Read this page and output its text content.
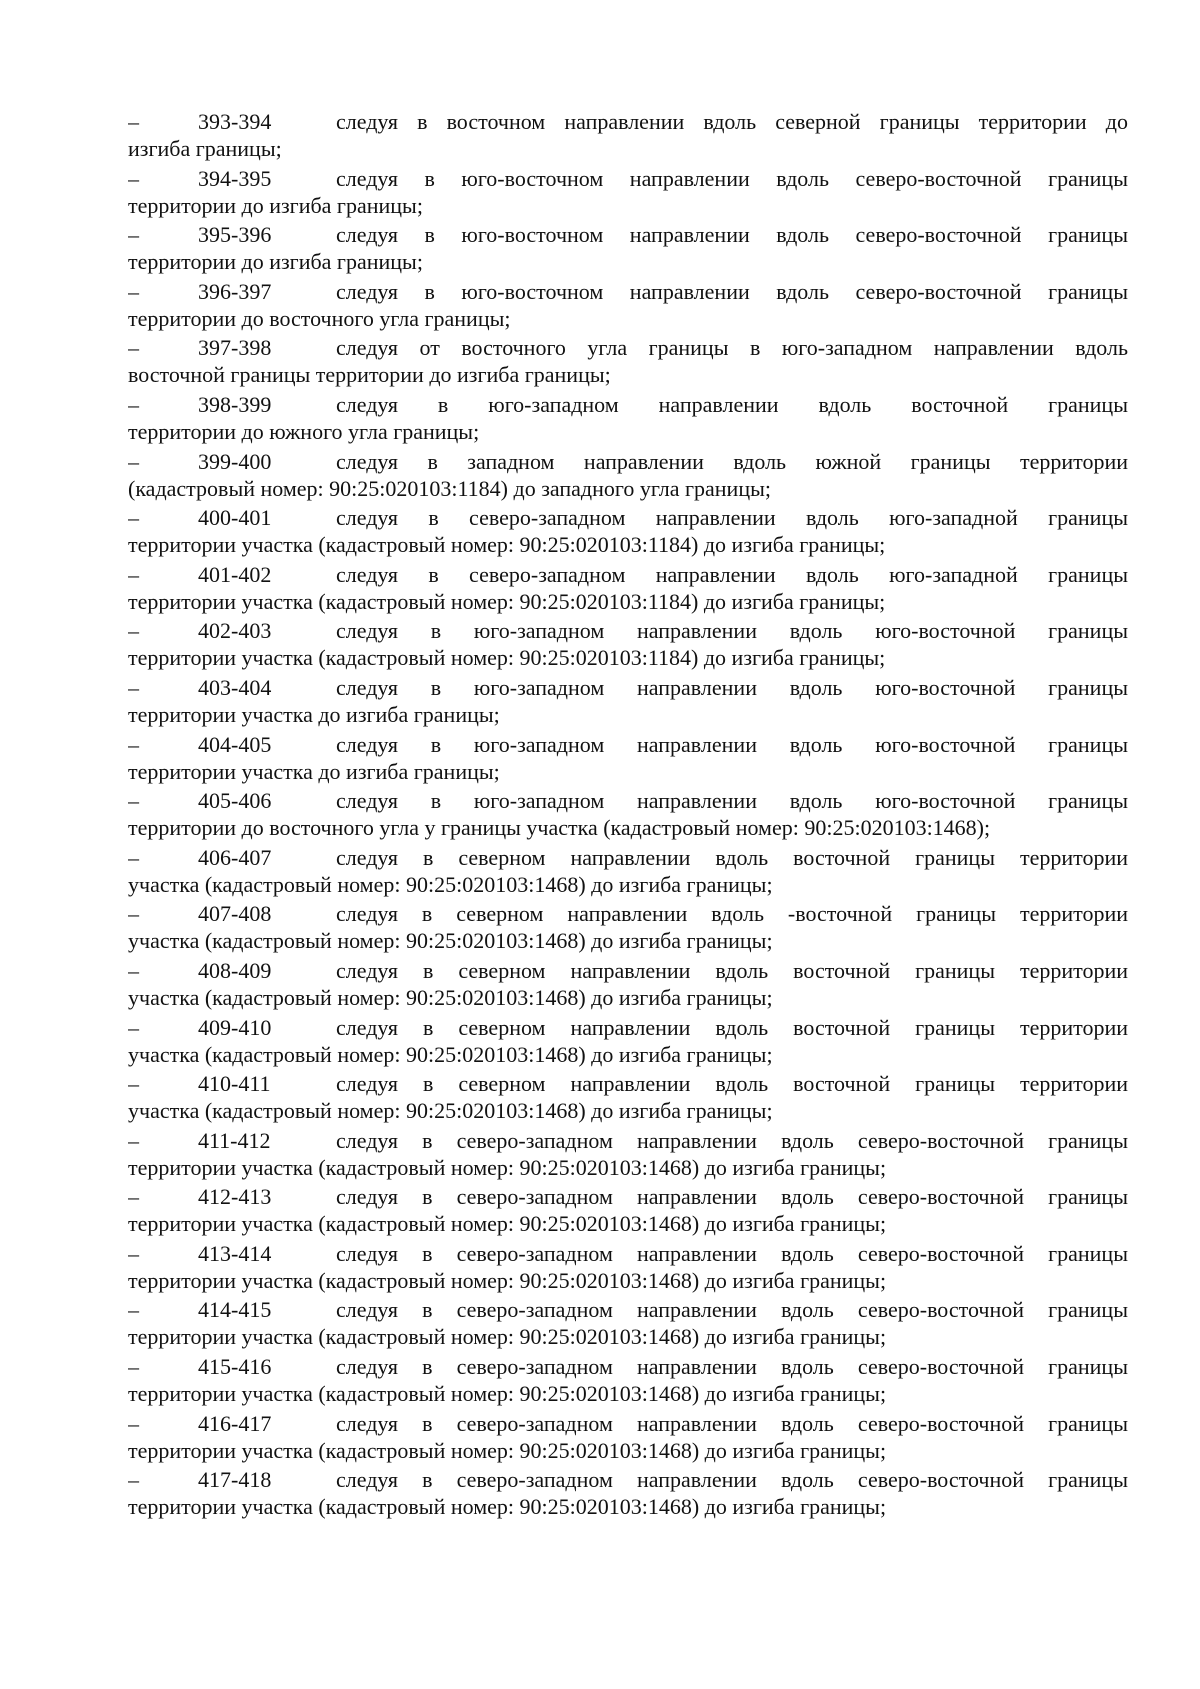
–	393-394	следуя в восточном направлении вдоль северной границы территории до
изгиба границы;
–	394-395	следуя в юго-восточном направлении вдоль северо-восточной границы
территории до изгиба границы;
–	395-396	следуя в юго-восточном направлении вдоль северо-восточной границы
территории до изгиба границы;
–	396-397	следуя в юго-восточном направлении вдоль северо-восточной границы
территории до восточного угла границы;
–	397-398	следуя от восточного угла границы в юго-западном направлении вдоль
восточной границы территории до изгиба границы;
–	398-399	следуя в юго-западном направлении вдоль восточной границы
территории до южного угла границы;
–	399-400	следуя в западном направлении вдоль южной границы территории
(кадастровый номер: 90:25:020103:1184) до западного угла границы;
–	400-401	следуя в северо-западном направлении вдоль юго-западной границы
территории участка (кадастровый номер: 90:25:020103:1184) до изгиба границы;
–	401-402	следуя в северо-западном направлении вдоль юго-западной границы
территории участка (кадастровый номер: 90:25:020103:1184) до изгиба границы;
–	402-403	следуя в юго-западном направлении вдоль юго-восточной границы
территории участка (кадастровый номер: 90:25:020103:1184) до изгиба границы;
–	403-404	следуя в юго-западном направлении вдоль юго-восточной границы
территории участка до изгиба границы;
–	404-405	следуя в юго-западном направлении вдоль юго-восточной границы
территории участка до изгиба границы;
–	405-406	следуя в юго-западном направлении вдоль юго-восточной границы
территории до восточного угла у границы участка (кадастровый номер: 90:25:020103:1468);
–	406-407	следуя в северном направлении вдоль восточной границы территории
участка (кадастровый номер: 90:25:020103:1468) до изгиба границы;
–	407-408	следуя в северном направлении вдоль -восточной границы территории
участка (кадастровый номер: 90:25:020103:1468) до изгиба границы;
–	408-409	следуя в северном направлении вдоль восточной границы территории
участка (кадастровый номер: 90:25:020103:1468) до изгиба границы;
–	409-410	следуя в северном направлении вдоль восточной границы территории
участка (кадастровый номер: 90:25:020103:1468) до изгиба границы;
–	410-411	следуя в северном направлении вдоль восточной границы территории
участка (кадастровый номер: 90:25:020103:1468) до изгиба границы;
–	411-412	следуя в северо-западном направлении вдоль северо-восточной границы
территории участка (кадастровый номер: 90:25:020103:1468) до изгиба границы;
–	412-413	следуя в северо-западном направлении вдоль северо-восточной границы
территории участка (кадастровый номер: 90:25:020103:1468) до изгиба границы;
–	413-414	следуя в северо-западном направлении вдоль северо-восточной границы
территории участка (кадастровый номер: 90:25:020103:1468) до изгиба границы;
–	414-415	следуя в северо-западном направлении вдоль северо-восточной границы
территории участка (кадастровый номер: 90:25:020103:1468) до изгиба границы;
–	415-416	следуя в северо-западном направлении вдоль северо-восточной границы
территории участка (кадастровый номер: 90:25:020103:1468) до изгиба границы;
–	416-417	следуя в северо-западном направлении вдоль северо-восточной границы
территории участка (кадастровый номер: 90:25:020103:1468) до изгиба границы;
–	417-418	следуя в северо-западном направлении вдоль северо-восточной границы
территории участка (кадастровый номер: 90:25:020103:1468) до изгиба границы;
